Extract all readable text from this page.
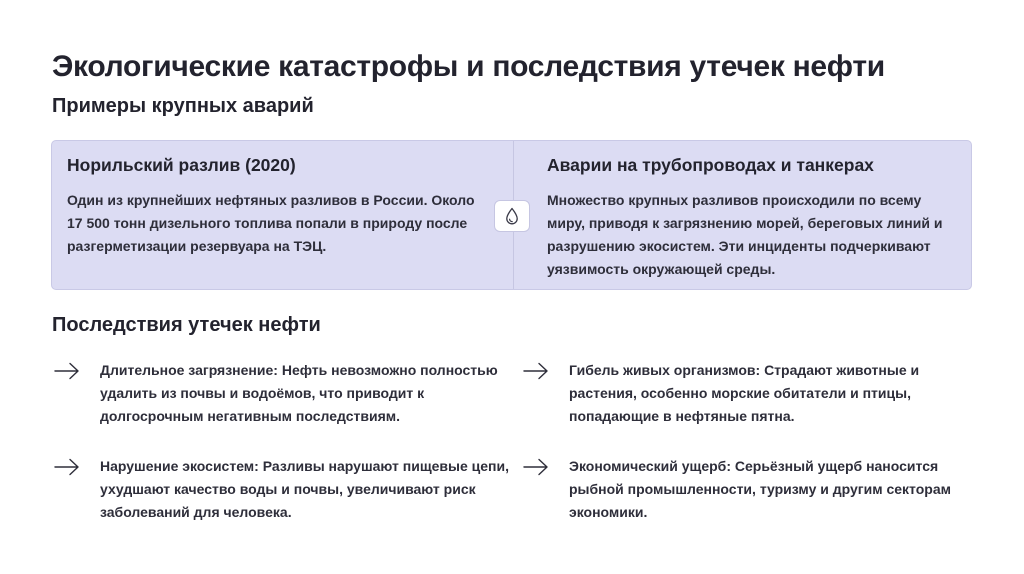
Экологические катастрофы и последствия утечек нефти
Примеры крупных аварий
Норильский разлив (2020)
Один из крупнейших нефтяных разливов в России. Около 17 500 тонн дизельного топлива попали в природу после разгерметизации резервуара на ТЭЦ.
Аварии на трубопроводах и танкерах
Множество крупных разливов происходили по всему миру, приводя к загрязнению морей, береговых линий и разрушению экосистем. Эти инциденты подчеркивают уязвимость окружающей среды.
Последствия утечек нефти
Длительное загрязнение: Нефть невозможно полностью удалить из почвы и водоёмов, что приводит к долгосрочным негативным последствиям.
Гибель живых организмов: Страдают животные и растения, особенно морские обитатели и птицы, попадающие в нефтяные пятна.
Нарушение экосистем: Разливы нарушают пищевые цепи, ухудшают качество воды и почвы, увеличивают риск заболеваний для человека.
Экономический ущерб: Серьёзный ущерб наносится рыбной промышленности, туризму и другим секторам экономики.
